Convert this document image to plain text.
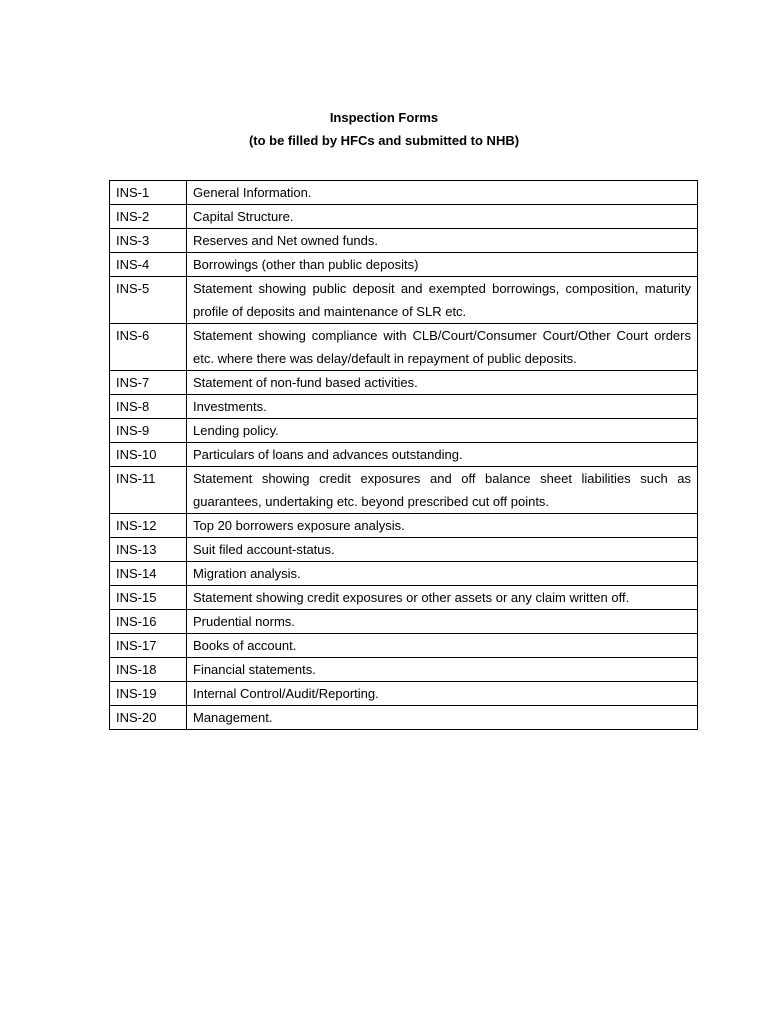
Inspection Forms
(to be filled by HFCs and submitted to NHB)
INS-1	General Information.
INS-2	Capital Structure.
INS-3	Reserves and Net owned funds.
INS-4	Borrowings (other than public deposits)
INS-5	Statement showing public deposit and exempted borrowings, composition, maturity profile of deposits and maintenance of SLR etc.
INS-6	Statement showing compliance with CLB/Court/Consumer Court/Other Court orders etc. where there was delay/default in repayment of public deposits.
INS-7	Statement of non-fund based activities.
INS-8	Investments.
INS-9	Lending policy.
INS-10	Particulars of loans and advances outstanding.
INS-11	Statement showing credit exposures and off balance sheet liabilities such as guarantees, undertaking etc. beyond prescribed cut off points.
INS-12	Top 20 borrowers exposure analysis.
INS-13	Suit filed account-status.
INS-14	Migration analysis.
INS-15	Statement showing credit exposures or other assets or any claim written off.
INS-16	Prudential norms.
INS-17	Books of account.
INS-18	Financial statements.
INS-19	Internal Control/Audit/Reporting.
INS-20	Management.
